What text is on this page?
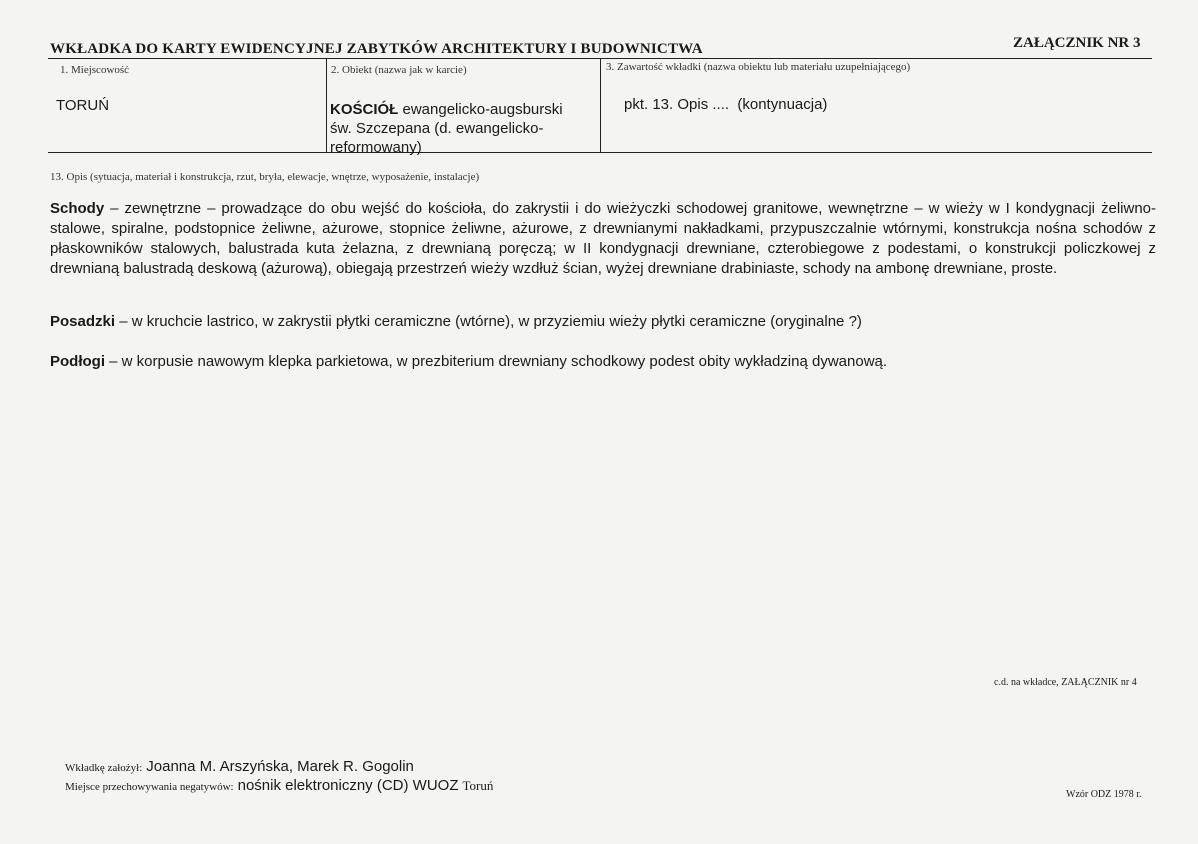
WKŁADKA DO KARTY EWIDENCYJNEJ ZABYTKÓW ARCHITEKTURY I BUDOWNICTWA	ZAŁĄCZNIK NR 3
1. Miejscowość
TORUŃ
2. Obiekt (nazwa jak w karcie)
KOŚCIÓŁ ewangelicko-augsburski św. Szczepana (d. ewangelicko-reformowany)
3. Zawartość wkładki (nazwa obiektu lub materiału uzupełniającego)
pkt. 13. Opis ....  (kontynuacja)
13. Opis (sytuacja, materiał i konstrukcja, rzut, bryła, elewacje, wnętrze, wyposażenie, instalacje)
Schody – zewnętrzne – prowadzące do obu wejść do kościoła, do zakrystii i do wieżyczki schodowej granitowe, wewnętrzne – w wieży w I kondygnacji żeliwno-stalowe, spiralne, podstopnice żeliwne, ażurowe, stopnice żeliwne, ażurowe, z drewnianymi nakładkami, przypuszczalnie wtórnymi, konstrukcja nośna schodów z płaskowników stalowych, balustrada kuta żelazna, z drewnianą poręczą; w II kondygnacji drewniane, czterobiegowe z podestami, o konstrukcji policzkowej z drewnianą balustradą deskową (ażurową), obiegają przestrzeń wieży wzdłuż ścian, wyżej drewniane drabiniaste, schody na ambonę drewniane, proste.
Posadzki – w kruchcie lastrico, w zakrystii płytki ceramiczne (wtórne), w przyziemiu wieży płytki ceramiczne (oryginalne ?)
Podłogi – w korpusie nawowym klepka parkietowa, w prezbiterium drewniany schodkowy podest obity wykładziną dywanową.
c.d. na wkładce, ZAŁĄCZNIK nr 4
Wkładkę założył: Joanna M. Arszyńska, Marek R. Gogolin
Miejsce przechowywania negatywów: nośnik elektroniczny (CD) WUOZ Toruń
Wzór ODZ 1978 r.
